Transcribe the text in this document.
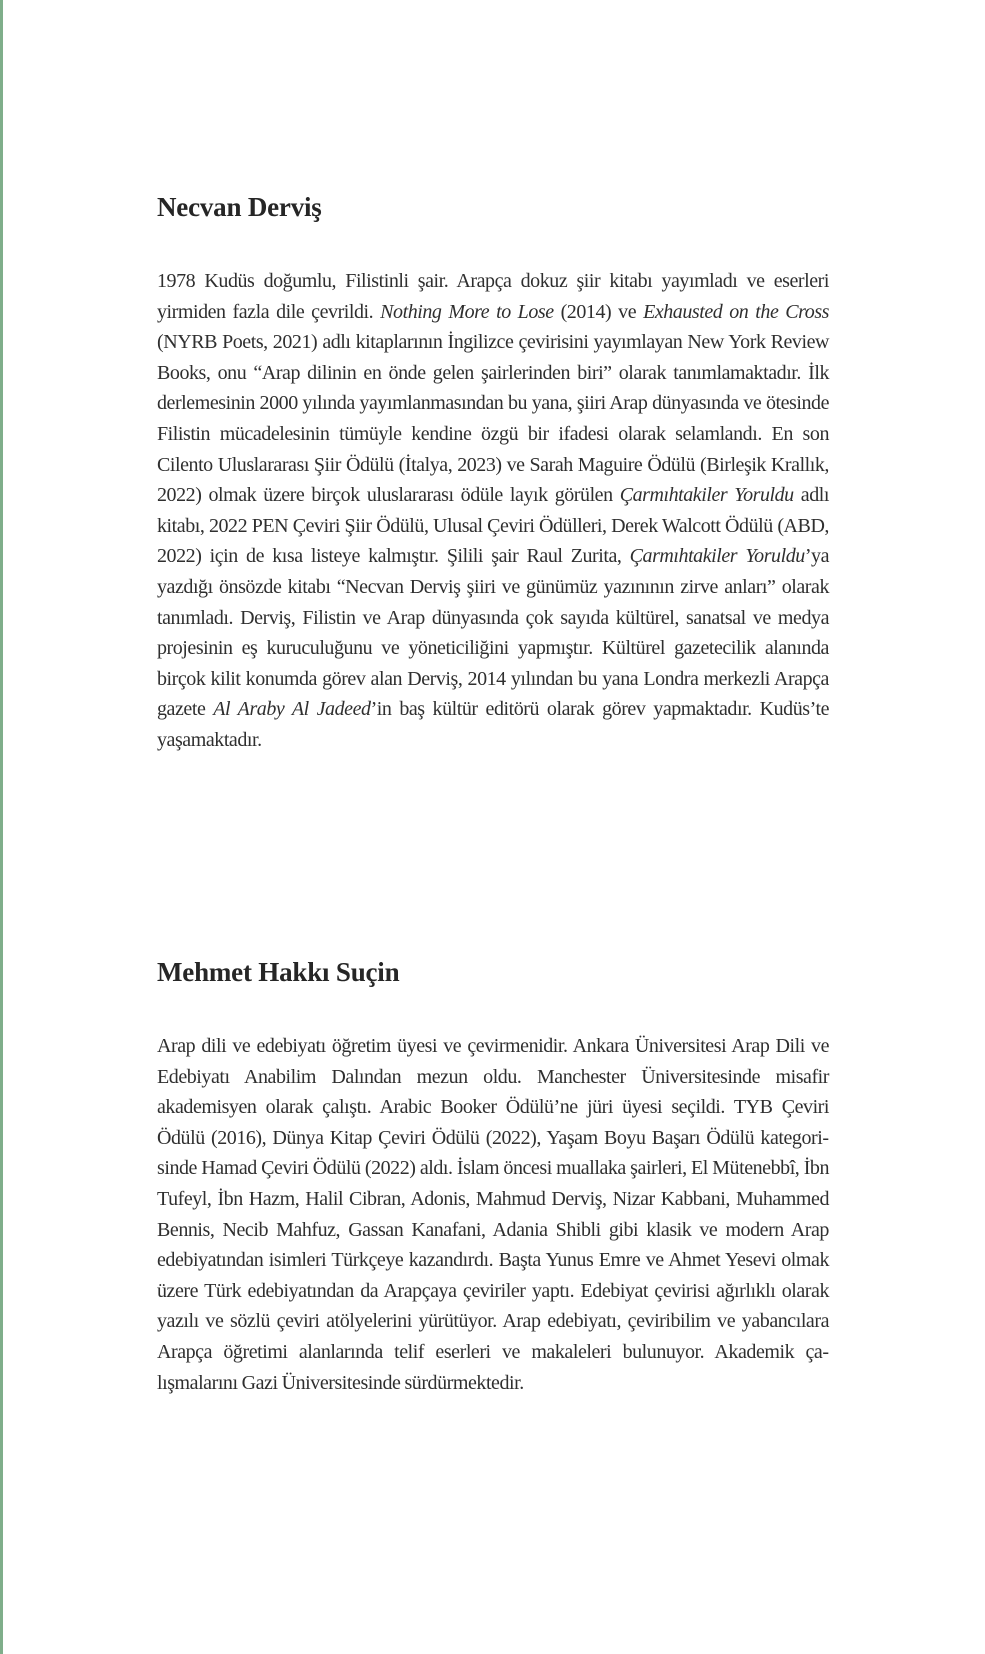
Necvan Derviş

1978 Kudüs doğumlu, Filistinli şair. Arapça dokuz şiir kitabı yayımladı ve eserleri yirmiden fazla dile çevrildi. Nothing More to Lose (2014) ve Exhausted on the Cross (NYRB Poets, 2021) adlı kitaplarının İngilizce çevirisini yayımlayan New York Review Books, onu “Arap dilinin en önde gelen şairlerinden biri” olarak tanımlamaktadır. İlk derlemesinin 2000 yılında yayımlanmasından bu yana, şiiri Arap dünyasında ve ötesinde Filistin mücadelesinin tümüyle kendine özgü bir ifadesi olarak selamlandı. En son Cilento Uluslararası Şiir Ödülü (İtalya, 2023) ve Sarah Maguire Ödülü (Birleşik Krallık, 2022) olmak üzere birçok uluslararası ödüle layık görülen Çarmıhtakiler Yoruldu adlı kitabı, 2022 PEN Çeviri Şiir Ödülü, Ulusal Çeviri Ödülleri, Derek Walcott Ödülü (ABD, 2022) için de kısa listeye kalmıştır. Şilili şair Raul Zurita, Çarmıhtakiler Yoruldu’ya yazdığı önsözde kitabı “Necvan Derviş şiiri ve günümüz yazınının zirve anları” olarak tanımladı. Derviş, Filistin ve Arap dünyasında çok sayıda kültürel, sanatsal ve medya projesinin eş kuruculuğunu ve yöneticiliğini yapmıştır. Kültürel gazetecilik alanında birçok kilit konumda görev alan Derviş, 2014 yılından bu yana Londra merkezli Arapça gazete Al Araby Al Jadeed’in baş kültür editörü olarak görev yapmaktadır. Kudüs’te yaşamaktadır.

Mehmet Hakkı Suçin

Arap dili ve edebiyatı öğretim üyesi ve çevirmenidir. Ankara Üniversitesi Arap Dili ve Edebiyatı Anabilim Dalından mezun oldu. Manchester Üniversitesinde misafir akademisyen olarak çalıştı. Arabic Booker Ödülü’ne jüri üyesi seçildi. TYB Çeviri Ödülü (2016), Dünya Kitap Çeviri Ödülü (2022), Yaşam Boyu Başarı Ödülü kategorisinde Hamad Çeviri Ödülü (2022) aldı. İslam öncesi muallaka şairleri, El Mütenebbî, İbn Tufeyl, İbn Hazm, Halil Cibran, Adonis, Mahmud Derviş, Nizar Kabbani, Muhammed Bennis, Necib Mahfuz, Gassan Kanafani, Adania Shibli gibi klasik ve modern Arap edebiyatından isimleri Türkçeye kazandırdı. Başta Yunus Emre ve Ahmet Yesevi olmak üzere Türk edebiyatından da Arapçaya çeviriler yaptı. Edebiyat çevirisi ağırlıklı olarak yazılı ve sözlü çeviri atölyelerini yürütüyor. Arap edebiyatı, çeviribilim ve yabancılara Arapça öğretimi alanlarında telif eserleri ve makaleleri bulunuyor. Akademik çalışmalarını Gazi Üniversitesinde sürdürmektedir.
